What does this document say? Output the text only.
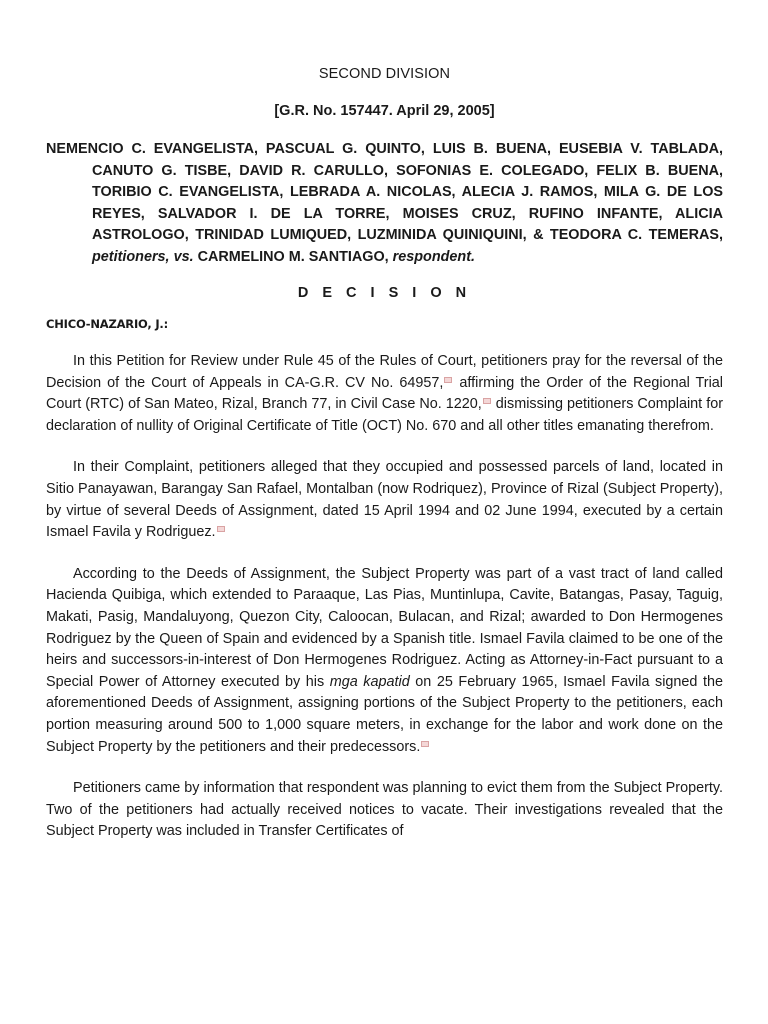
SECOND DIVISION

[G.R. No. 157447. April 29, 2005]

NEMENCIO C. EVANGELISTA, PASCUAL G. QUINTO, LUIS B. BUENA, EUSEBIA V. TABLADA, CANUTO G. TISBE, DAVID R. CARULLO, SOFONIAS E. COLEGADO, FELIX B. BUENA, TORIBIO C. EVANGELISTA, LEBRADA A. NICOLAS, ALECIA J. RAMOS, MILA G. DE LOS REYES, SALVADOR I. DE LA TORRE, MOISES CRUZ, RUFINO INFANTE, ALICIA ASTROLOGO, TRINIDAD LUMIQUED, LUZMINIDA QUINIQUINI, & TEODORA C. TEMERAS, petitioners, vs. CARMELINO M. SANTIAGO, respondent.

D E C I S I O N

CHICO-NAZARIO, J.:

In this Petition for Review under Rule 45 of the Rules of Court, petitioners pray for the reversal of the Decision of the Court of Appeals in CA-G.R. CV No. 64957, affirming the Order of the Regional Trial Court (RTC) of San Mateo, Rizal, Branch 77, in Civil Case No. 1220, dismissing petitioners Complaint for declaration of nullity of Original Certificate of Title (OCT) No. 670 and all other titles emanating therefrom.

In their Complaint, petitioners alleged that they occupied and possessed parcels of land, located in Sitio Panayawan, Barangay San Rafael, Montalban (now Rodriquez), Province of Rizal (Subject Property), by virtue of several Deeds of Assignment, dated 15 April 1994 and 02 June 1994, executed by a certain Ismael Favila y Rodriguez.

According to the Deeds of Assignment, the Subject Property was part of a vast tract of land called Hacienda Quibiga, which extended to Paraaque, Las Pias, Muntinlupa, Cavite, Batangas, Pasay, Taguig, Makati, Pasig, Mandaluyong, Quezon City, Caloocan, Bulacan, and Rizal; awarded to Don Hermogenes Rodriguez by the Queen of Spain and evidenced by a Spanish title. Ismael Favila claimed to be one of the heirs and successors-in-interest of Don Hermogenes Rodriguez. Acting as Attorney-in-Fact pursuant to a Special Power of Attorney executed by his mga kapatid on 25 February 1965, Ismael Favila signed the aforementioned Deeds of Assignment, assigning portions of the Subject Property to the petitioners, each portion measuring around 500 to 1,000 square meters, in exchange for the labor and work done on the Subject Property by the petitioners and their predecessors.

Petitioners came by information that respondent was planning to evict them from the Subject Property. Two of the petitioners had actually received notices to vacate. Their investigations revealed that the Subject Property was included in Transfer Certificates of
